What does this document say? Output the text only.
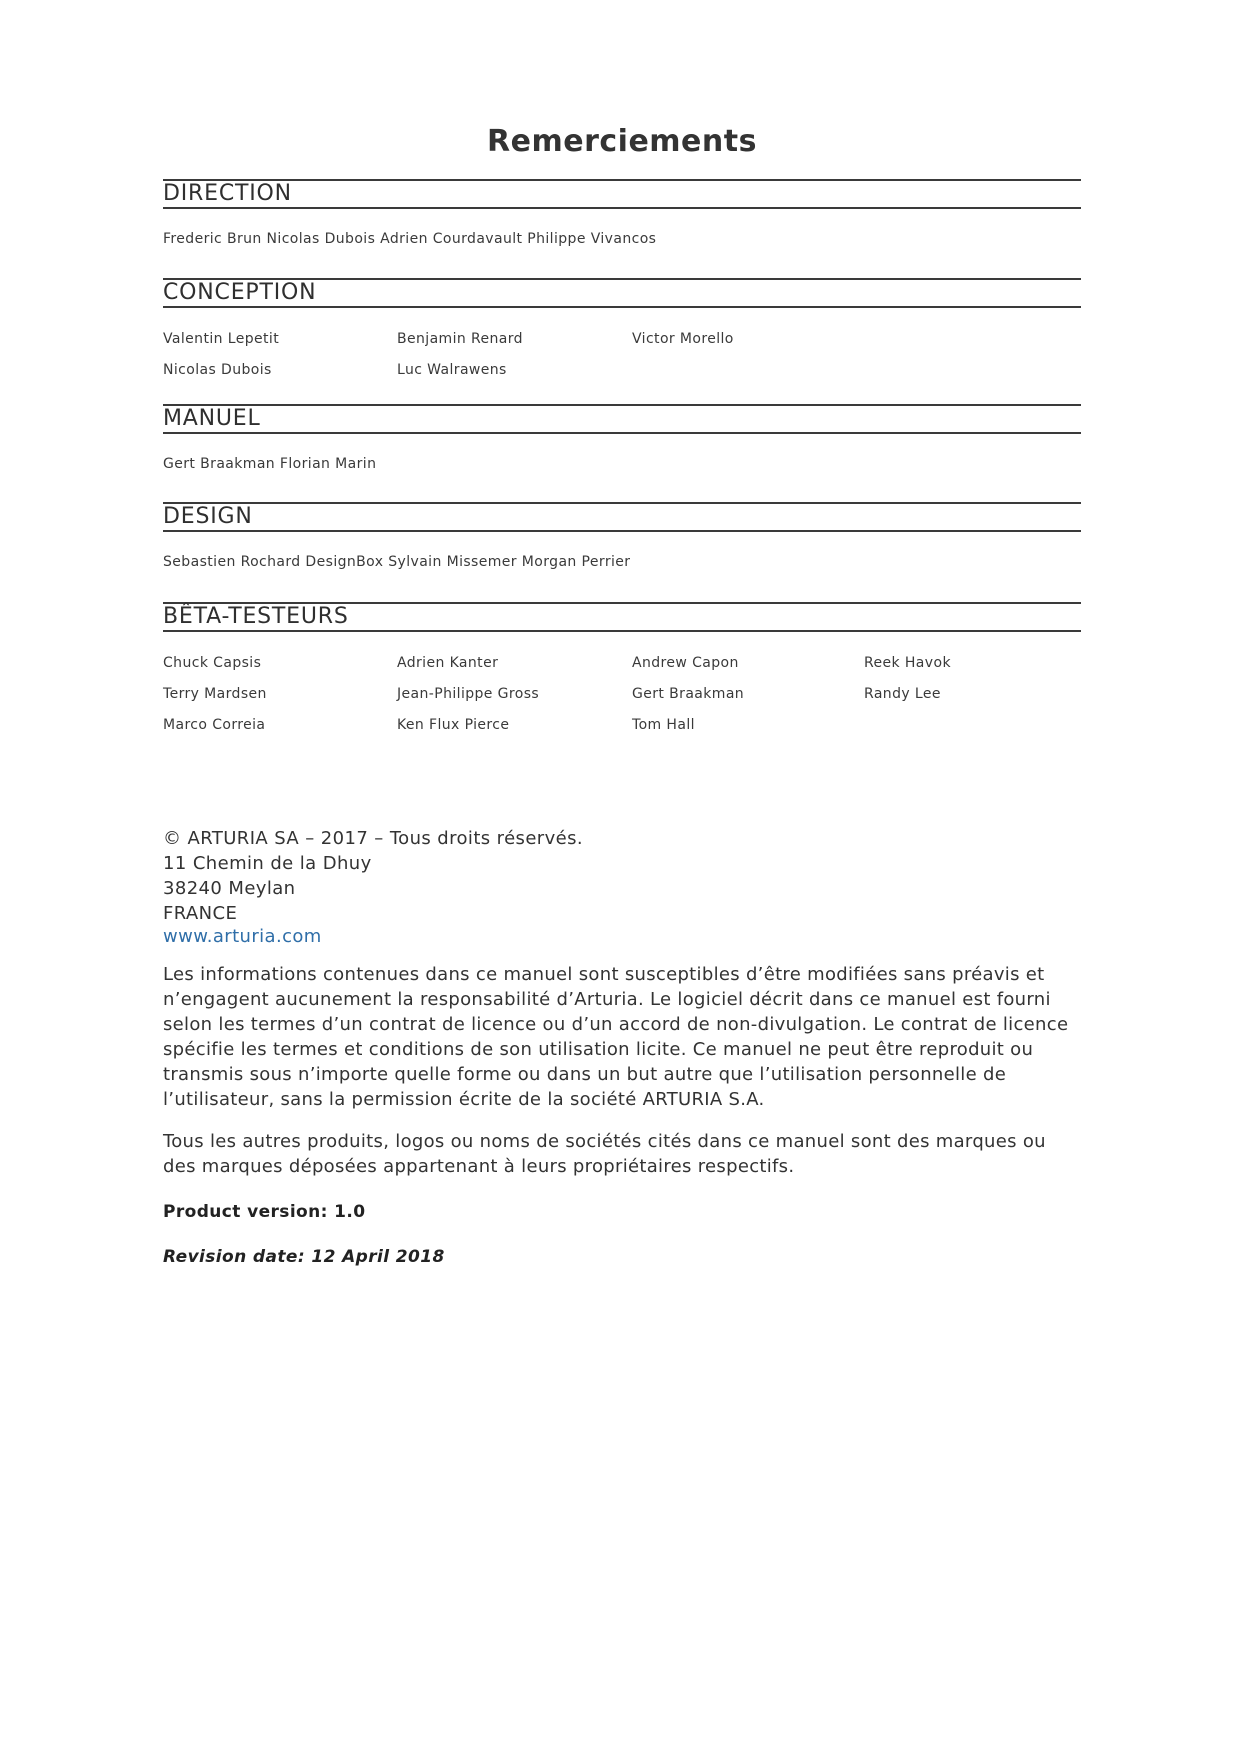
Remerciements
DIRECTION
Frederic Brun Nicolas Dubois Adrien Courdavault Philippe Vivancos
CONCEPTION
Valentin Lepetit	Benjamin Renard	Victor Morello
Nicolas Dubois	Luc Walrawens
MANUEL
Gert Braakman Florian Marin
DESIGN
Sebastien Rochard DesignBox Sylvain Missemer Morgan Perrier
BÊTA-TESTEURS
Chuck Capsis	Adrien Kanter	Andrew Capon	Reek Havok
Terry Mardsen	Jean-Philippe Gross	Gert Braakman	Randy Lee
Marco Correia	Ken Flux Pierce	Tom Hall
© ARTURIA SA – 2017 – Tous droits réservés.
11 Chemin de la Dhuy
38240 Meylan
FRANCE
www.arturia.com
Les informations contenues dans ce manuel sont susceptibles d’être modifiées sans préavis et n’engagent aucunement la responsabilité d’Arturia. Le logiciel décrit dans ce manuel est fourni selon les termes d’un contrat de licence ou d’un accord de non-divulgation. Le contrat de licence spécifie les termes et conditions de son utilisation licite. Ce manuel ne peut être reproduit ou transmis sous n’importe quelle forme ou dans un but autre que l’utilisation personnelle de l’utilisateur, sans la permission écrite de la société ARTURIA S.A.
Tous les autres produits, logos ou noms de sociétés cités dans ce manuel sont des marques ou des marques déposées appartenant à leurs propriétaires respectifs.
Product version: 1.0
Revision date: 12 April 2018
